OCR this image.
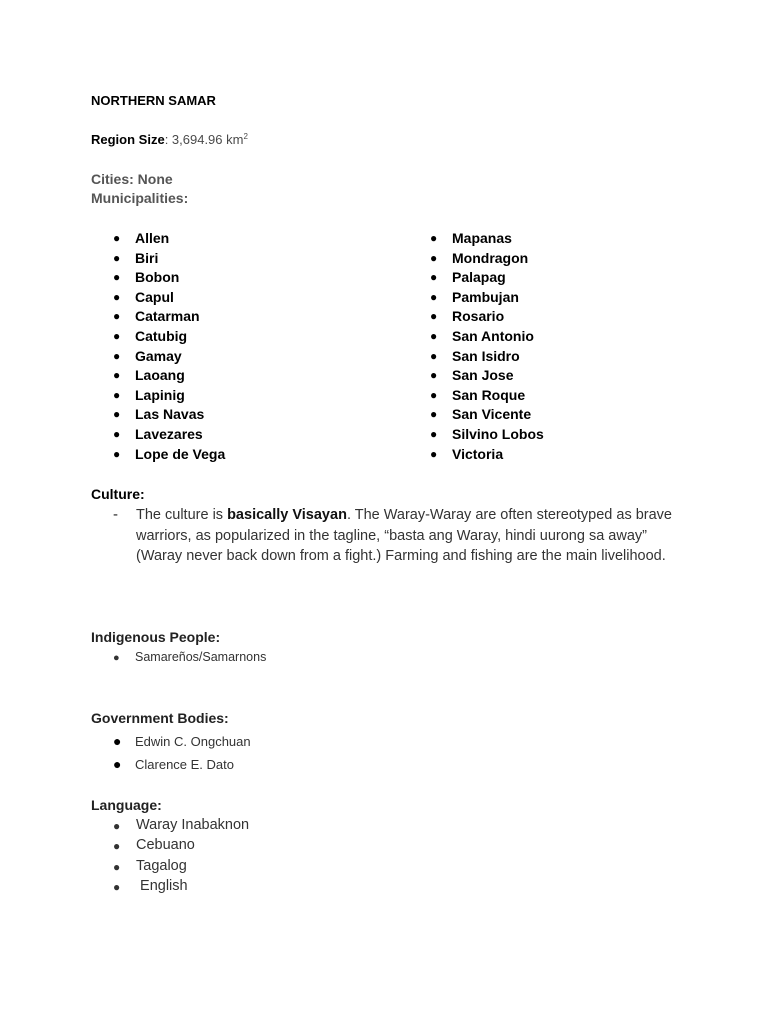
NORTHERN SAMAR
Region Size: 3,694.96 $km^2$
Cities: None
Municipalities:
● Allen
● Biri
● Bobon
● Capul
● Catarman
● Catubig
● Gamay
● Laoang
● Lapinig
● Las Navas
● Lavezares
● Lope de Vega
● Mapanas
● Mondragon
● Palapag
● Pambujan
● Rosario
● San Antonio
● San Isidro
● San Jose
● San Roque
● San Vicente
● Silvino Lobos
● Victoria
Culture:
- The culture is basically Visayan. The Waray-Waray are often stereotyped as brave warriors, as popularized in the tagline, “basta ang Waray, hindi uurong sa away” (Waray never back down from a fight.) Farming and fishing are the main livelihood.
Indigenous People:
● Samareños/Samarnons
Government Bodies:
● Edwin C. Ongchuan
● Clarence E. Dato
Language:
● Waray Inabaknon
● Cebuano
● Tagalog
● English
